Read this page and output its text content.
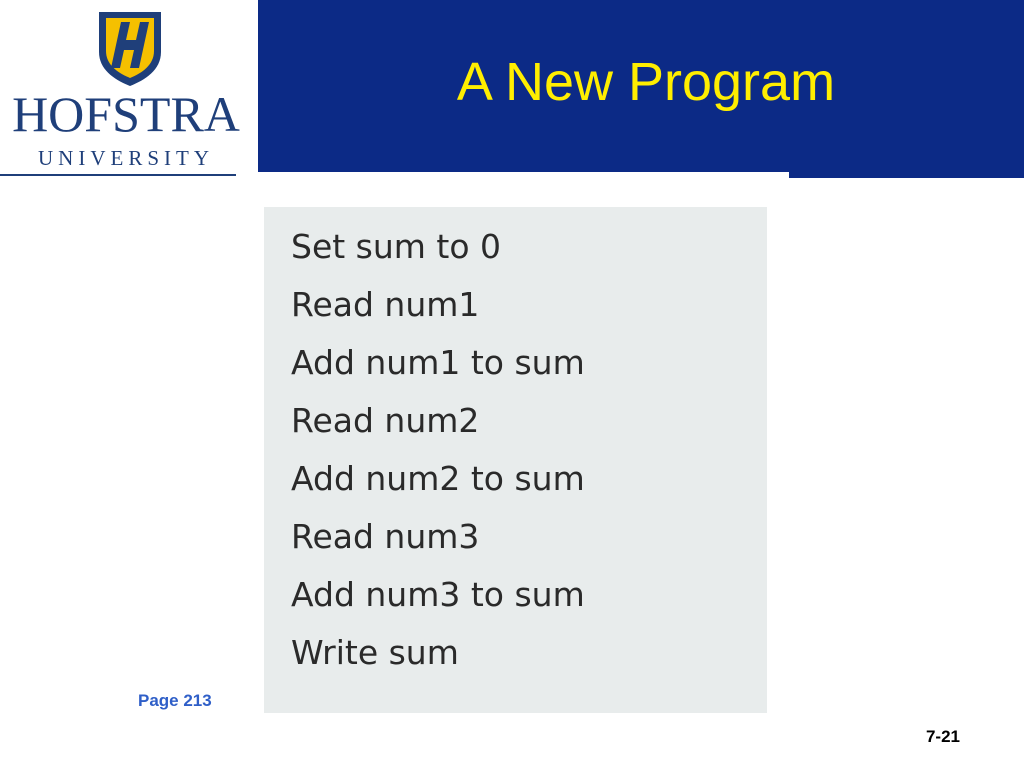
HOFSTRA
UNIVERSITY
A New Program
Set sum to 0
Read num1
Add num1 to sum
Read num2
Add num2 to sum
Read num3
Add num3 to sum
Write sum
Page 213
7-21
